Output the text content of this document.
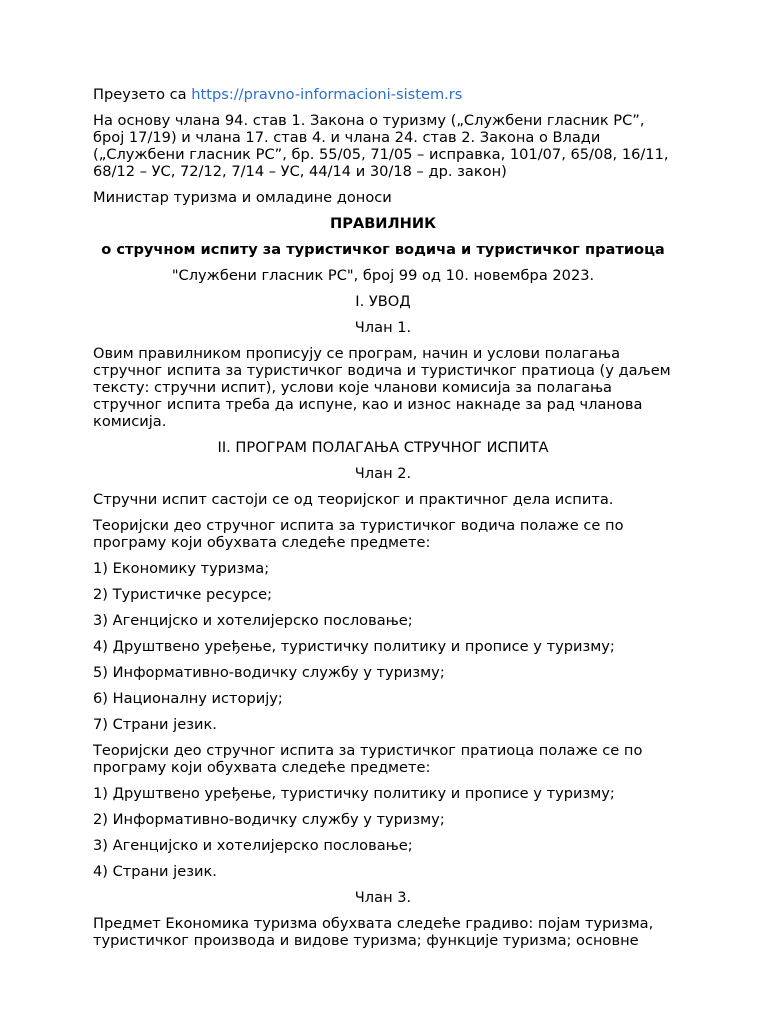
Преузето са https://pravno-informacioni-sistem.rs

На основу члана 94. став 1. Закона о туризму („Службени гласник РС”, број 17/19) и члана 17. став 4. и члана 24. став 2. Закона о Влади („Службени гласник РС”, бр. 55/05, 71/05 – исправка, 101/07, 65/08, 16/11, 68/12 – УС, 72/12, 7/14 – УС, 44/14 и 30/18 – др. закон)

Министар туризма и омладине доноси

ПРАВИЛНИК

о стручном испиту за туристичког водича и туристичког пратиоца

"Службени гласник РС", број 99 од 10. новембра 2023.

I. УВОД

Члан 1.

Овим правилником прописују се програм, начин и услови полагања стручног испита за туристичког водича и туристичког пратиоца (у даљем тексту: стручни испит), услови које чланови комисија за полагања стручног испита треба да испуне, као и износ накнаде за рад чланова комисија.

II. ПРОГРАМ ПОЛАГАЊА СТРУЧНОГ ИСПИТА

Члан 2.

Стручни испит састоји се од теоријског и практичног дела испита.

Теоријски део стручног испита за туристичког водича полаже се по програму који обухвата следеће предмете:

1) Економику туризма;

2) Туристичке ресурсе;

3) Агенцијско и хотелијерско пословање;

4) Друштвено уређење, туристичку политику и прописе у туризму;

5) Информативно-водичку службу у туризму;

6) Националну историју;

7) Страни језик.

Теоријски део стручног испита за туристичког пратиоца полаже се по програму који обухвата следеће предмете:

1) Друштвено уређење, туристичку политику и прописе у туризму;

2) Информативно-водичку службу у туризму;

3) Агенцијско и хотелијерско пословање;

4) Страни језик.

Члан 3.

Предмет Економика туризма обухвата следеће градиво: појам туризма, туристичког производа и видове туризма; функције туризма; основне
